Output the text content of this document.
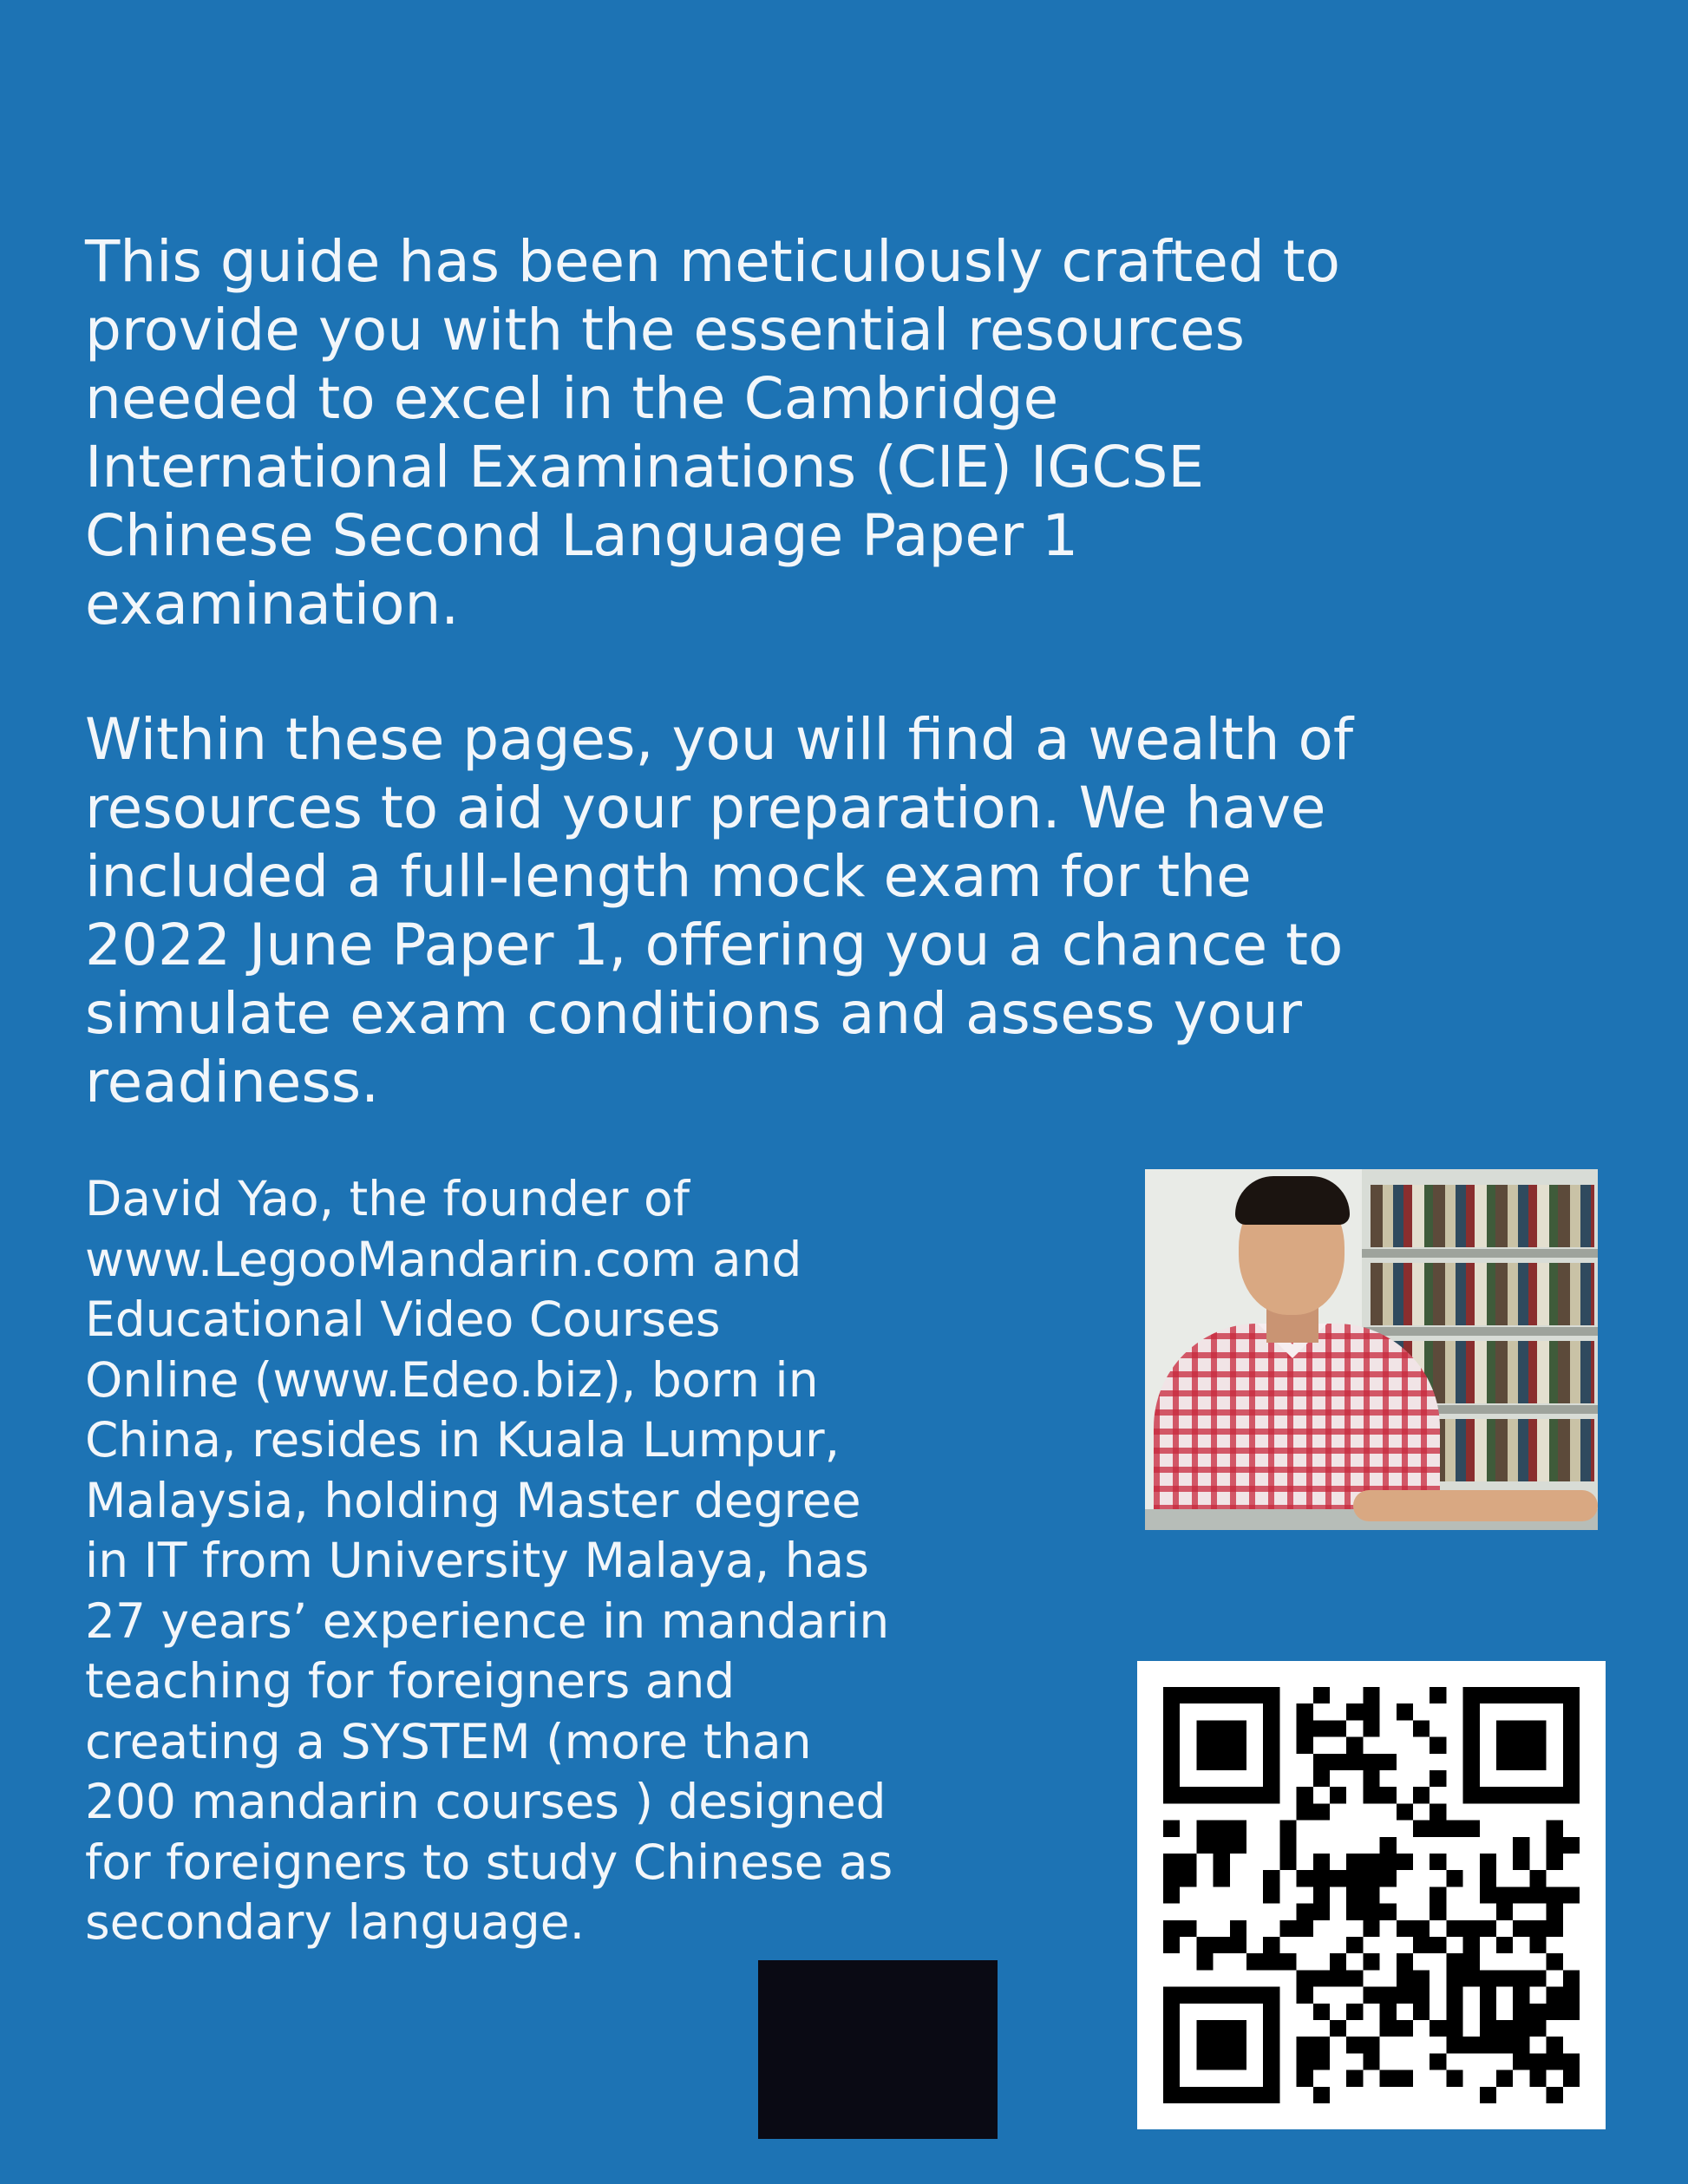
This guide has been meticulously crafted to
provide you with the essential resources
needed to excel in the Cambridge
International Examinations (CIE) IGCSE
Chinese Second Language Paper 1
examination.

Within these pages, you will find a wealth of
resources to aid your preparation. We have
included a full-length mock exam for the
2022 June Paper 1, offering you a chance to
simulate exam conditions and assess your
readiness.

David Yao, the founder of
www.LegooMandarin.com and
Educational Video Courses
Online (www.Edeo.biz), born in
China, resides in Kuala Lumpur,
Malaysia, holding Master degree
in IT from University Malaya, has
27 years’ experience in mandarin
teaching for foreigners and
creating a SYSTEM (more than
200 mandarin courses ) designed
for foreigners to study Chinese as
secondary language.
